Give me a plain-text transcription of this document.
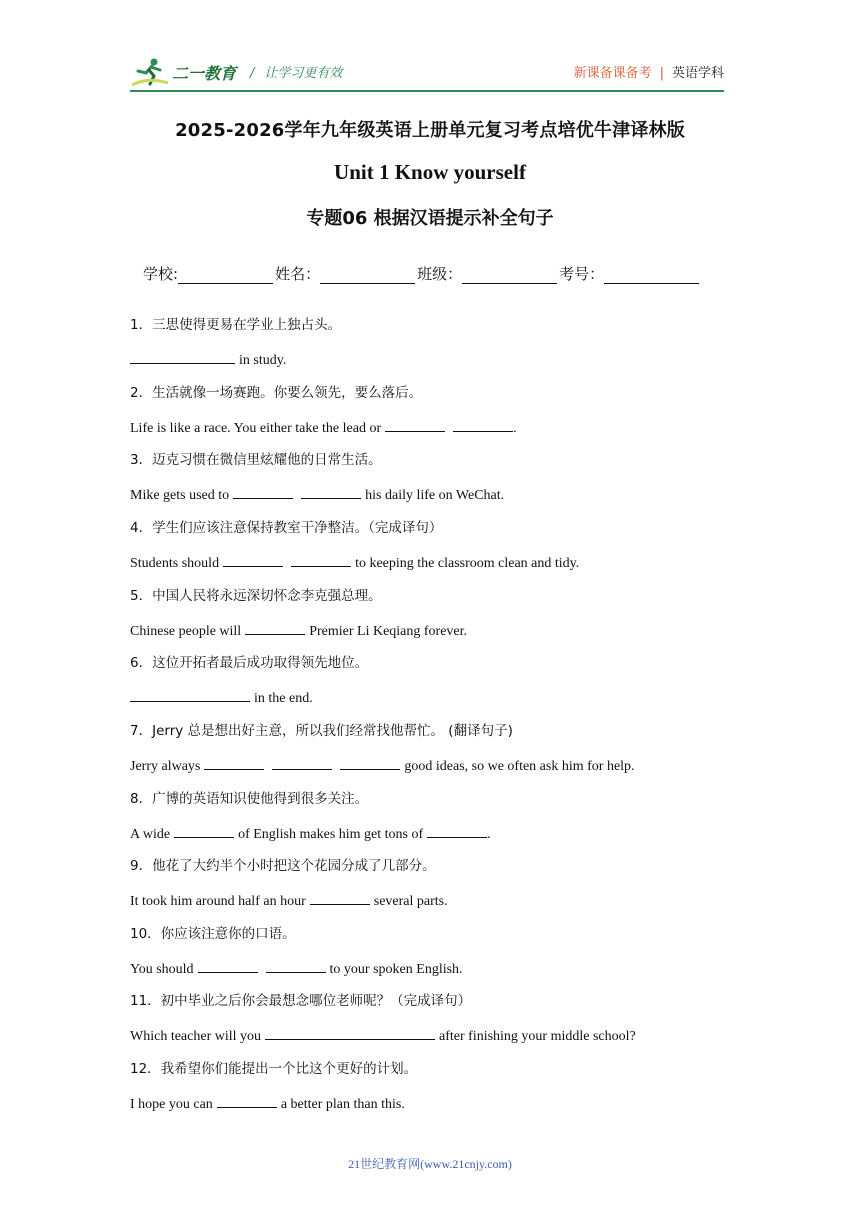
二一教育 / 让学习更有效	新课备课备考 | 英语学科
2025-2026学年九年级英语上册单元复习考点培优牛津译林版
Unit 1 Know yourself
专题06 根据汉语提示补全句子
学校:	姓名：	班级：	考号：
1．三思使得更易在学业上独占头。
in study.
2．生活就像一场赛跑。你要么领先，要么落后。
Life is like a race. You either take the lead or	.
3．迈克习惯在微信里炫耀他的日常生活。
Mike gets used to	his daily life on WeChat.
4．学生们应该注意保持教室干净整洁。（完成译句）
Students should	to keeping the classroom clean and tidy.
5．中国人民将永远深切怀念李克强总理。
Chinese people will	Premier Li Keqiang forever.
6．这位开拓者最后成功取得领先地位。
in the end.
7．Jerry 总是想出好主意，所以我们经常找他帮忙。 (翻译句子)
Jerry always	good ideas, so we often ask him for help.
8．广博的英语知识使他得到很多关注。
A wide	of English makes him get tons of	.
9．他花了大约半个小时把这个花园分成了几部分。
It took him around half an hour	several parts.
10．你应该注意你的口语。
You should	to your spoken English.
11．初中毕业之后你会最想念哪位老师呢？（完成译句）
Which teacher will you	after finishing your middle school?
12．我希望你们能提出一个比这个更好的计划。
I hope you can	a better plan than this.
21世纪教育网(www.21cnjy.com)
